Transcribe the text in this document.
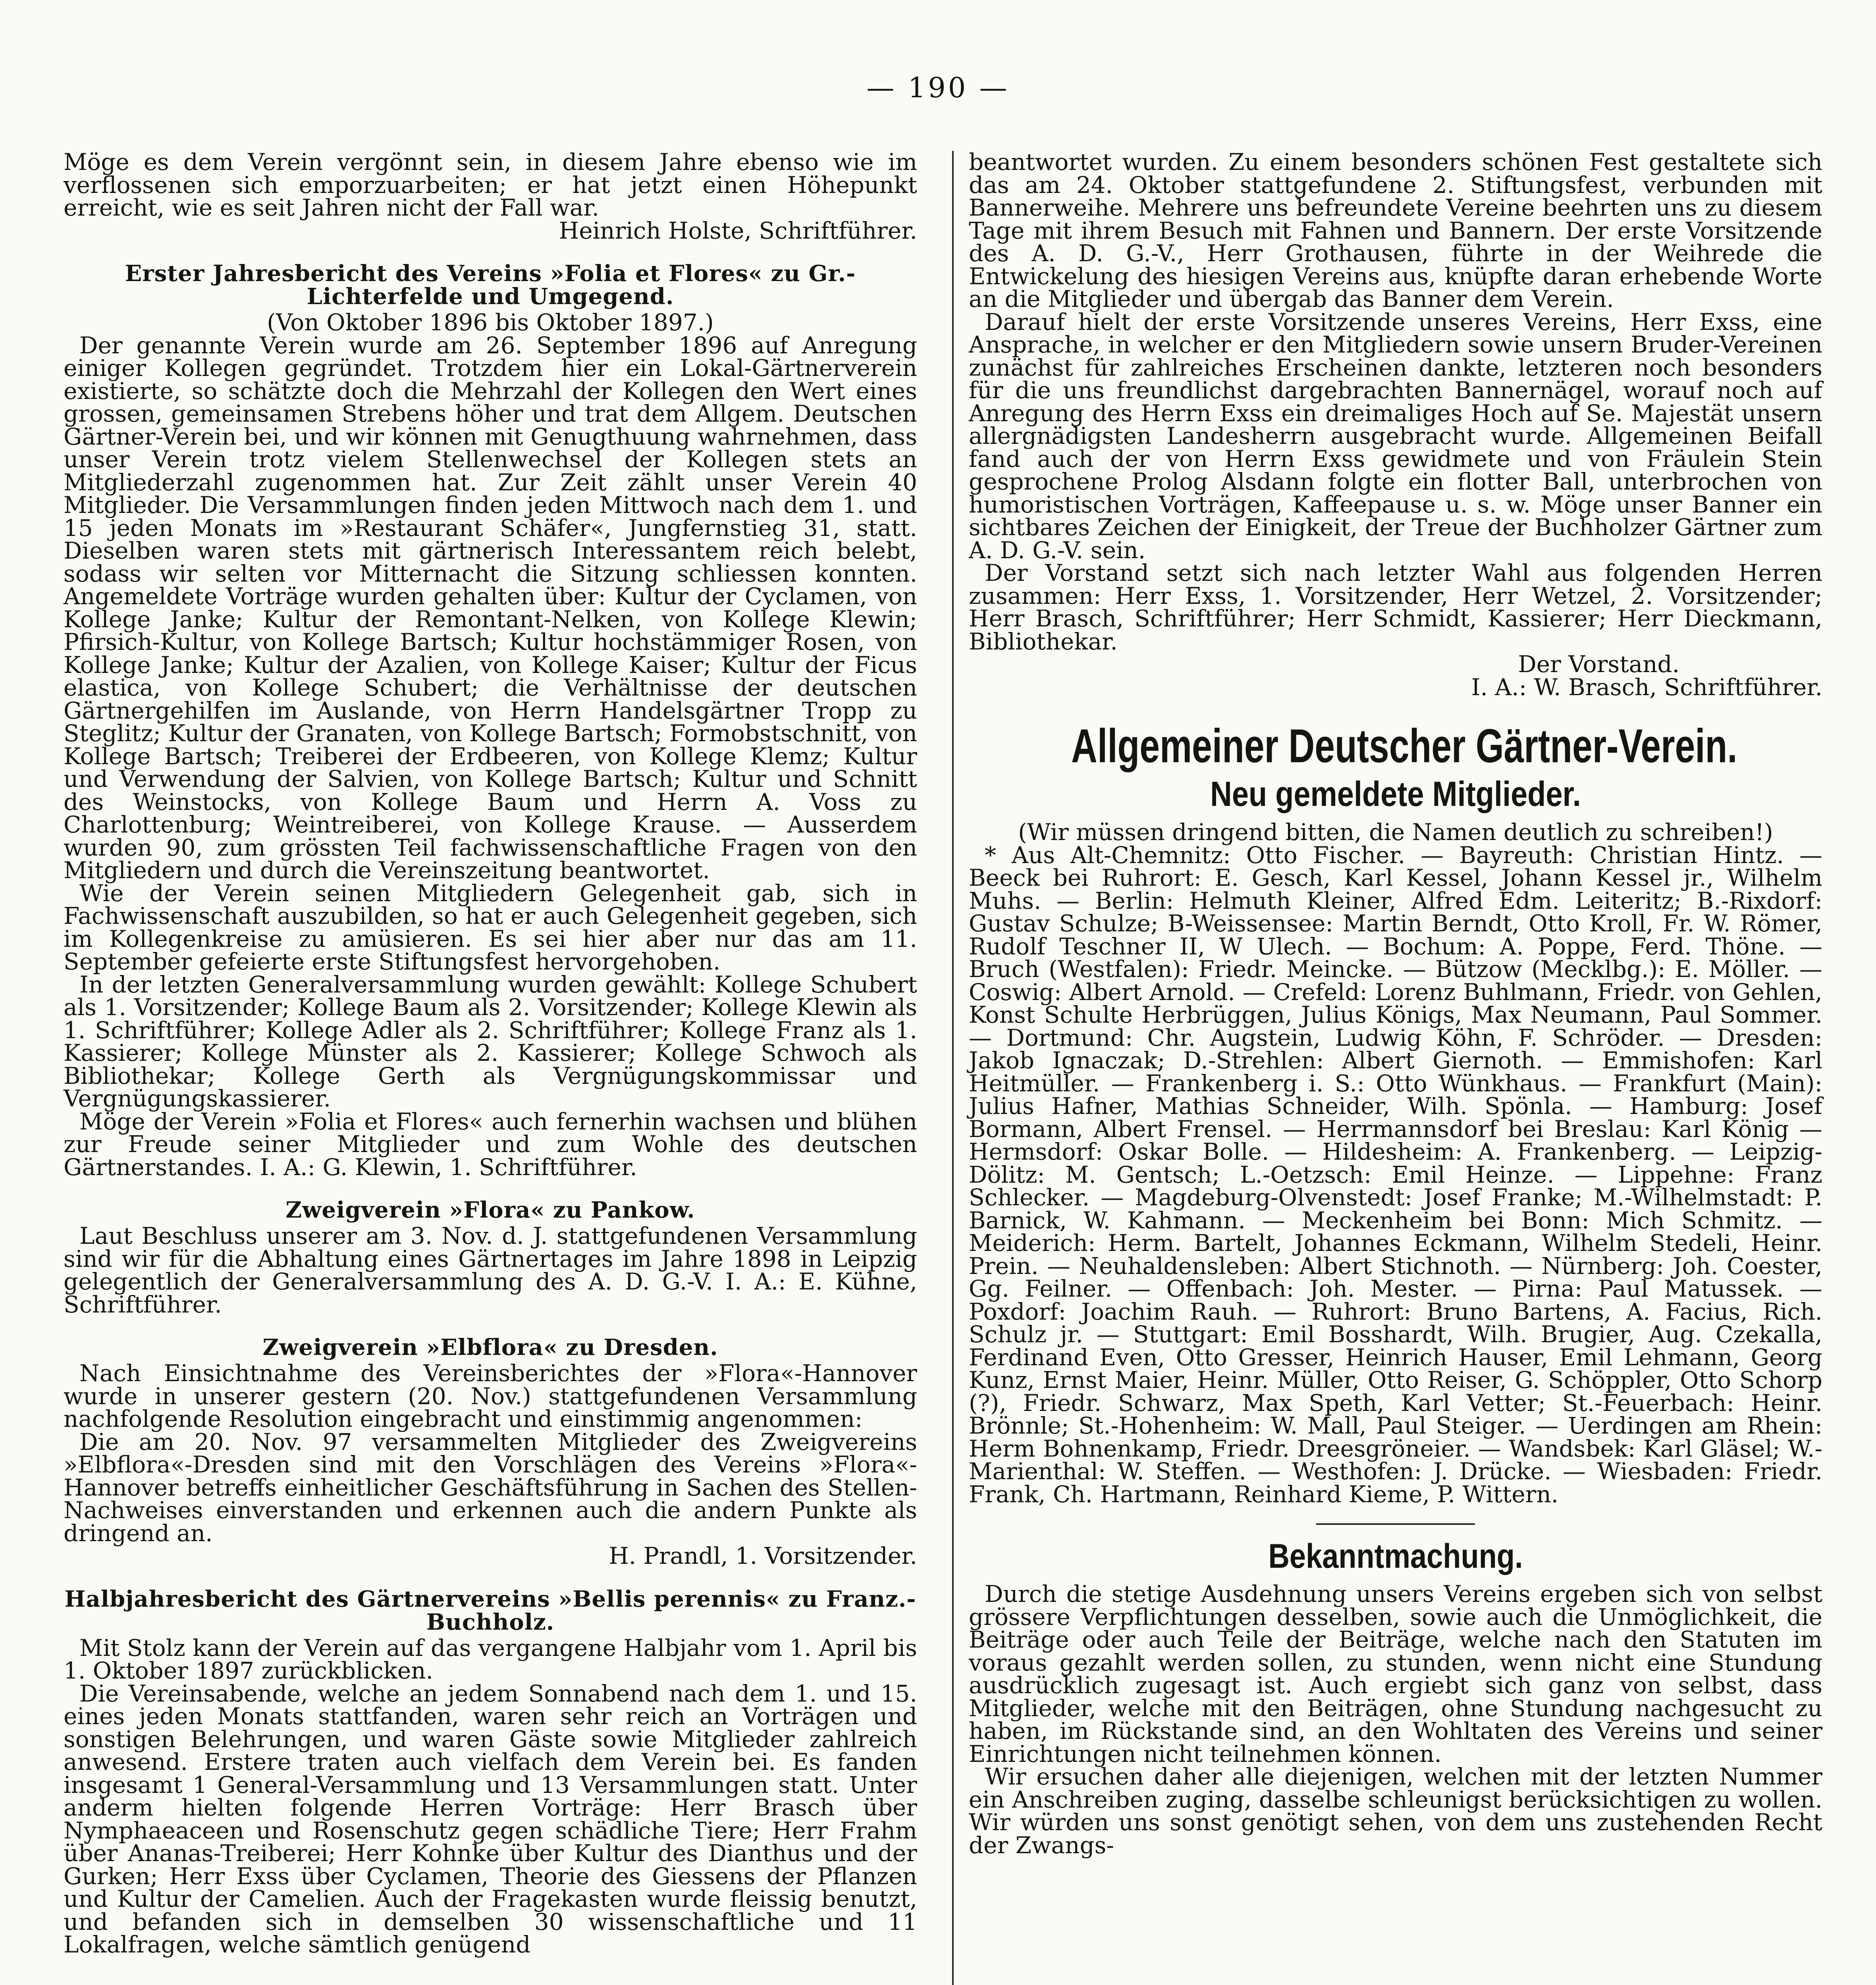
— 190 —

Möge es dem Verein vergönnt sein, in diesem Jahre ebenso wie im verflossenen sich emporzuarbeiten; er hat jetzt einen Höhepunkt erreicht, wie es seit Jahren nicht der Fall war.

Heinrich Holste, Schriftführer.

Erster Jahresbericht des Vereins »Folia et Flores« zu Gr.-Lichterfelde und Umgegend.

(Von Oktober 1896 bis Oktober 1897.)

Der genannte Verein wurde am 26. September 1896 auf Anregung einiger Kollegen gegründet. Trotzdem hier ein Lokal-Gärtnerverein existierte, so schätzte doch die Mehrzahl der Kollegen den Wert eines grossen, gemeinsamen Strebens höher und trat dem Allgem. Deutschen Gärtner-Verein bei, und wir können mit Genugthuung wahrnehmen, dass unser Verein trotz vielem Stellenwechsel der Kollegen stets an Mitgliederzahl zugenommen hat. Zur Zeit zählt unser Verein 40 Mitglieder. Die Versammlungen finden jeden Mittwoch nach dem 1. und 15 jeden Monats im »Restaurant Schäfer«, Jungfernstieg 31, statt. Dieselben waren stets mit gärtnerisch Interessantem reich belebt, sodass wir selten vor Mitternacht die Sitzung schliessen konnten. Angemeldete Vorträge wurden gehalten über: Kultur der Cyclamen, von Kollege Janke; Kultur der Remontant-Nelken, von Kollege Klewin; Pfirsich-Kultur, von Kollege Bartsch; Kultur hochstämmiger Rosen, von Kollege Janke; Kultur der Azalien, von Kollege Kaiser; Kultur der Ficus elastica, von Kollege Schubert; die Verhältnisse der deutschen Gärtnergehilfen im Auslande, von Herrn Handelsgärtner Tropp zu Steglitz; Kultur der Granaten, von Kollege Bartsch; Formobstschnitt, von Kollege Bartsch; Treiberei der Erdbeeren, von Kollege Klemz; Kultur und Verwendung der Salvien, von Kollege Bartsch; Kultur und Schnitt des Weinstocks, von Kollege Baum und Herrn A. Voss zu Charlottenburg; Weintreiberei, von Kollege Krause. — Ausserdem wurden 90, zum grössten Teil fachwissenschaftliche Fragen von den Mitgliedern und durch die Vereinszeitung beantwortet.

Wie der Verein seinen Mitgliedern Gelegenheit gab, sich in Fachwissenschaft auszubilden, so hat er auch Gelegenheit gegeben, sich im Kollegenkreise zu amüsieren. Es sei hier aber nur das am 11. September gefeierte erste Stiftungsfest hervorgehoben.

In der letzten Generalversammlung wurden gewählt: Kollege Schubert als 1. Vorsitzender; Kollege Baum als 2. Vorsitzender; Kollege Klewin als 1. Schriftführer; Kollege Adler als 2. Schriftführer; Kollege Franz als 1. Kassierer; Kollege Münster als 2. Kassierer; Kollege Schwoch als Bibliothekar; Kollege Gerth als Vergnügungskommissar und Vergnügungskassierer.

Möge der Verein »Folia et Flores« auch fernerhin wachsen und blühen zur Freude seiner Mitglieder und zum Wohle des deutschen Gärtnerstandes. I. A.: G. Klewin, 1. Schriftführer.

Zweigverein »Flora« zu Pankow.

Laut Beschluss unserer am 3. Nov. d. J. stattgefundenen Versammlung sind wir für die Abhaltung eines Gärtnertages im Jahre 1898 in Leipzig gelegentlich der Generalversammlung des A. D. G.-V. I. A.: E. Kühne, Schriftführer.

Zweigverein »Elbflora« zu Dresden.

Nach Einsichtnahme des Vereinsberichtes der »Flora«-Hannover wurde in unserer gestern (20. Nov.) stattgefundenen Versammlung nachfolgende Resolution eingebracht und einstimmig angenommen:

Die am 20. Nov. 97 versammelten Mitglieder des Zweigvereins »Elbflora«-Dresden sind mit den Vorschlägen des Vereins »Flora«-Hannover betreffs einheitlicher Geschäftsführung in Sachen des Stellen-Nachweises einverstanden und erkennen auch die andern Punkte als dringend an.

H. Prandl, 1. Vorsitzender.

Halbjahresbericht des Gärtnervereins »Bellis perennis« zu Franz.-Buchholz.

Mit Stolz kann der Verein auf das vergangene Halbjahr vom 1. April bis 1. Oktober 1897 zurückblicken.

Die Vereinsabende, welche an jedem Sonnabend nach dem 1. und 15. eines jeden Monats stattfanden, waren sehr reich an Vorträgen und sonstigen Belehrungen, und waren Gäste sowie Mitglieder zahlreich anwesend. Erstere traten auch vielfach dem Verein bei. Es fanden insgesamt 1 General-Versammlung und 13 Versammlungen statt. Unter anderm hielten folgende Herren Vorträge: Herr Brasch über Nymphaeaceen und Rosenschutz gegen schädliche Tiere; Herr Frahm über Ananas-Treiberei; Herr Kohnke über Kultur des Dianthus und der Gurken; Herr Exss über Cyclamen, Theorie des Giessens der Pflanzen und Kultur der Camelien. Auch der Fragekasten wurde fleissig benutzt, und befanden sich in demselben 30 wissenschaftliche und 11 Lokalfragen, welche sämtlich genügend

beantwortet wurden. Zu einem besonders schönen Fest gestaltete sich das am 24. Oktober stattgefundene 2. Stiftungsfest, verbunden mit Bannerweihe. Mehrere uns befreundete Vereine beehrten uns zu diesem Tage mit ihrem Besuch mit Fahnen und Bannern. Der erste Vorsitzende des A. D. G.-V., Herr Grothausen, führte in der Weihrede die Entwickelung des hiesigen Vereins aus, knüpfte daran erhebende Worte an die Mitglieder und übergab das Banner dem Verein.

Darauf hielt der erste Vorsitzende unseres Vereins, Herr Exss, eine Ansprache, in welcher er den Mitgliedern sowie unsern Bruder-Vereinen zunächst für zahlreiches Erscheinen dankte, letzteren noch besonders für die uns freundlichst dargebrachten Bannernägel, worauf noch auf Anregung des Herrn Exss ein dreimaliges Hoch auf Se. Majestät unsern allergnädigsten Landesherrn ausgebracht wurde. Allgemeinen Beifall fand auch der von Herrn Exss gewidmete und von Fräulein Stein gesprochene Prolog Alsdann folgte ein flotter Ball, unterbrochen von humoristischen Vorträgen, Kaffeepause u. s. w. Möge unser Banner ein sichtbares Zeichen der Einigkeit, der Treue der Buchholzer Gärtner zum A. D. G.-V. sein.

Der Vorstand setzt sich nach letzter Wahl aus folgenden Herren zusammen: Herr Exss, 1. Vorsitzender, Herr Wetzel, 2. Vorsitzender; Herr Brasch, Schriftführer; Herr Schmidt, Kassierer; Herr Dieckmann, Bibliothekar.

Der Vorstand.

I. A.: W. Brasch, Schriftführer.

Allgemeiner Deutscher Gärtner-Verein.
Neu gemeldete Mitglieder.

(Wir müssen dringend bitten, die Namen deutlich zu schreiben!)

* Aus Alt-Chemnitz: Otto Fischer. — Bayreuth: Christian Hintz. — Beeck bei Ruhrort: E. Gesch, Karl Kessel, Johann Kessel jr., Wilhelm Muhs. — Berlin: Helmuth Kleiner, Alfred Edm. Leiteritz; B.-Rixdorf: Gustav Schulze; B-Weissensee: Martin Berndt, Otto Kroll, Fr. W. Römer, Rudolf Teschner II, W Ulech. — Bochum: A. Poppe, Ferd. Thöne. — Bruch (Westfalen): Friedr. Meincke. — Bützow (Mecklbg.): E. Möller. — Coswig: Albert Arnold. — Crefeld: Lorenz Buhlmann, Friedr. von Gehlen, Konst Schulte Herbrüggen, Julius Königs, Max Neumann, Paul Sommer. — Dortmund: Chr. Augstein, Ludwig Köhn, F. Schröder. — Dresden: Jakob Ignaczak; D.-Strehlen: Albert Giernoth. — Emmishofen: Karl Heitmüller. — Frankenberg i. S.: Otto Wünkhaus. — Frankfurt (Main): Julius Hafner, Mathias Schneider, Wilh. Spönla. — Hamburg: Josef Bormann, Albert Frensel. — Herrmannsdorf bei Breslau: Karl König — Hermsdorf: Oskar Bolle. — Hildesheim: A. Frankenberg. — Leipzig-Dölitz: M. Gentsch; L.-Oetzsch: Emil Heinze. — Lippehne: Franz Schlecker. — Magdeburg-Olvenstedt: Josef Franke; M.-Wilhelmstadt: P. Barnick, W. Kahmann. — Meckenheim bei Bonn: Mich Schmitz. — Meiderich: Herm. Bartelt, Johannes Eckmann, Wilhelm Stedeli, Heinr. Prein. — Neuhaldensleben: Albert Stichnoth. — Nürnberg: Joh. Coester, Gg. Feilner. — Offenbach: Joh. Mester. — Pirna: Paul Matussek. — Poxdorf: Joachim Rauh. — Ruhrort: Bruno Bartens, A. Facius, Rich. Schulz jr. — Stuttgart: Emil Bosshardt, Wilh. Brugier, Aug. Czekalla, Ferdinand Even, Otto Gresser, Heinrich Hauser, Emil Lehmann, Georg Kunz, Ernst Maier, Heinr. Müller, Otto Reiser, G. Schöppler, Otto Schorp (?), Friedr. Schwarz, Max Speth, Karl Vetter; St.-Feuerbach: Heinr. Brönnle; St.-Hohenheim: W. Mall, Paul Steiger. — Uerdingen am Rhein: Herm Bohnenkamp, Friedr. Dreesgröneier. — Wandsbek: Karl Gläsel; W.-Marienthal: W. Steffen. — Westhofen: J. Drücke. — Wiesbaden: Friedr. Frank, Ch. Hartmann, Reinhard Kieme, P. Wittern.

Bekanntmachung.

Durch die stetige Ausdehnung unsers Vereins ergeben sich von selbst grössere Verpflichtungen desselben, sowie auch die Unmöglichkeit, die Beiträge oder auch Teile der Beiträge, welche nach den Statuten im voraus gezahlt werden sollen, zu stunden, wenn nicht eine Stundung ausdrücklich zugesagt ist. Auch ergiebt sich ganz von selbst, dass Mitglieder, welche mit den Beiträgen, ohne Stundung nachgesucht zu haben, im Rückstande sind, an den Wohltaten des Vereins und seiner Einrichtungen nicht teilnehmen können.

Wir ersuchen daher alle diejenigen, welchen mit der letzten Nummer ein Anschreiben zuging, dasselbe schleunigst berücksichtigen zu wollen. Wir würden uns sonst genötigt sehen, von dem uns zustehenden Recht der Zwangs-
